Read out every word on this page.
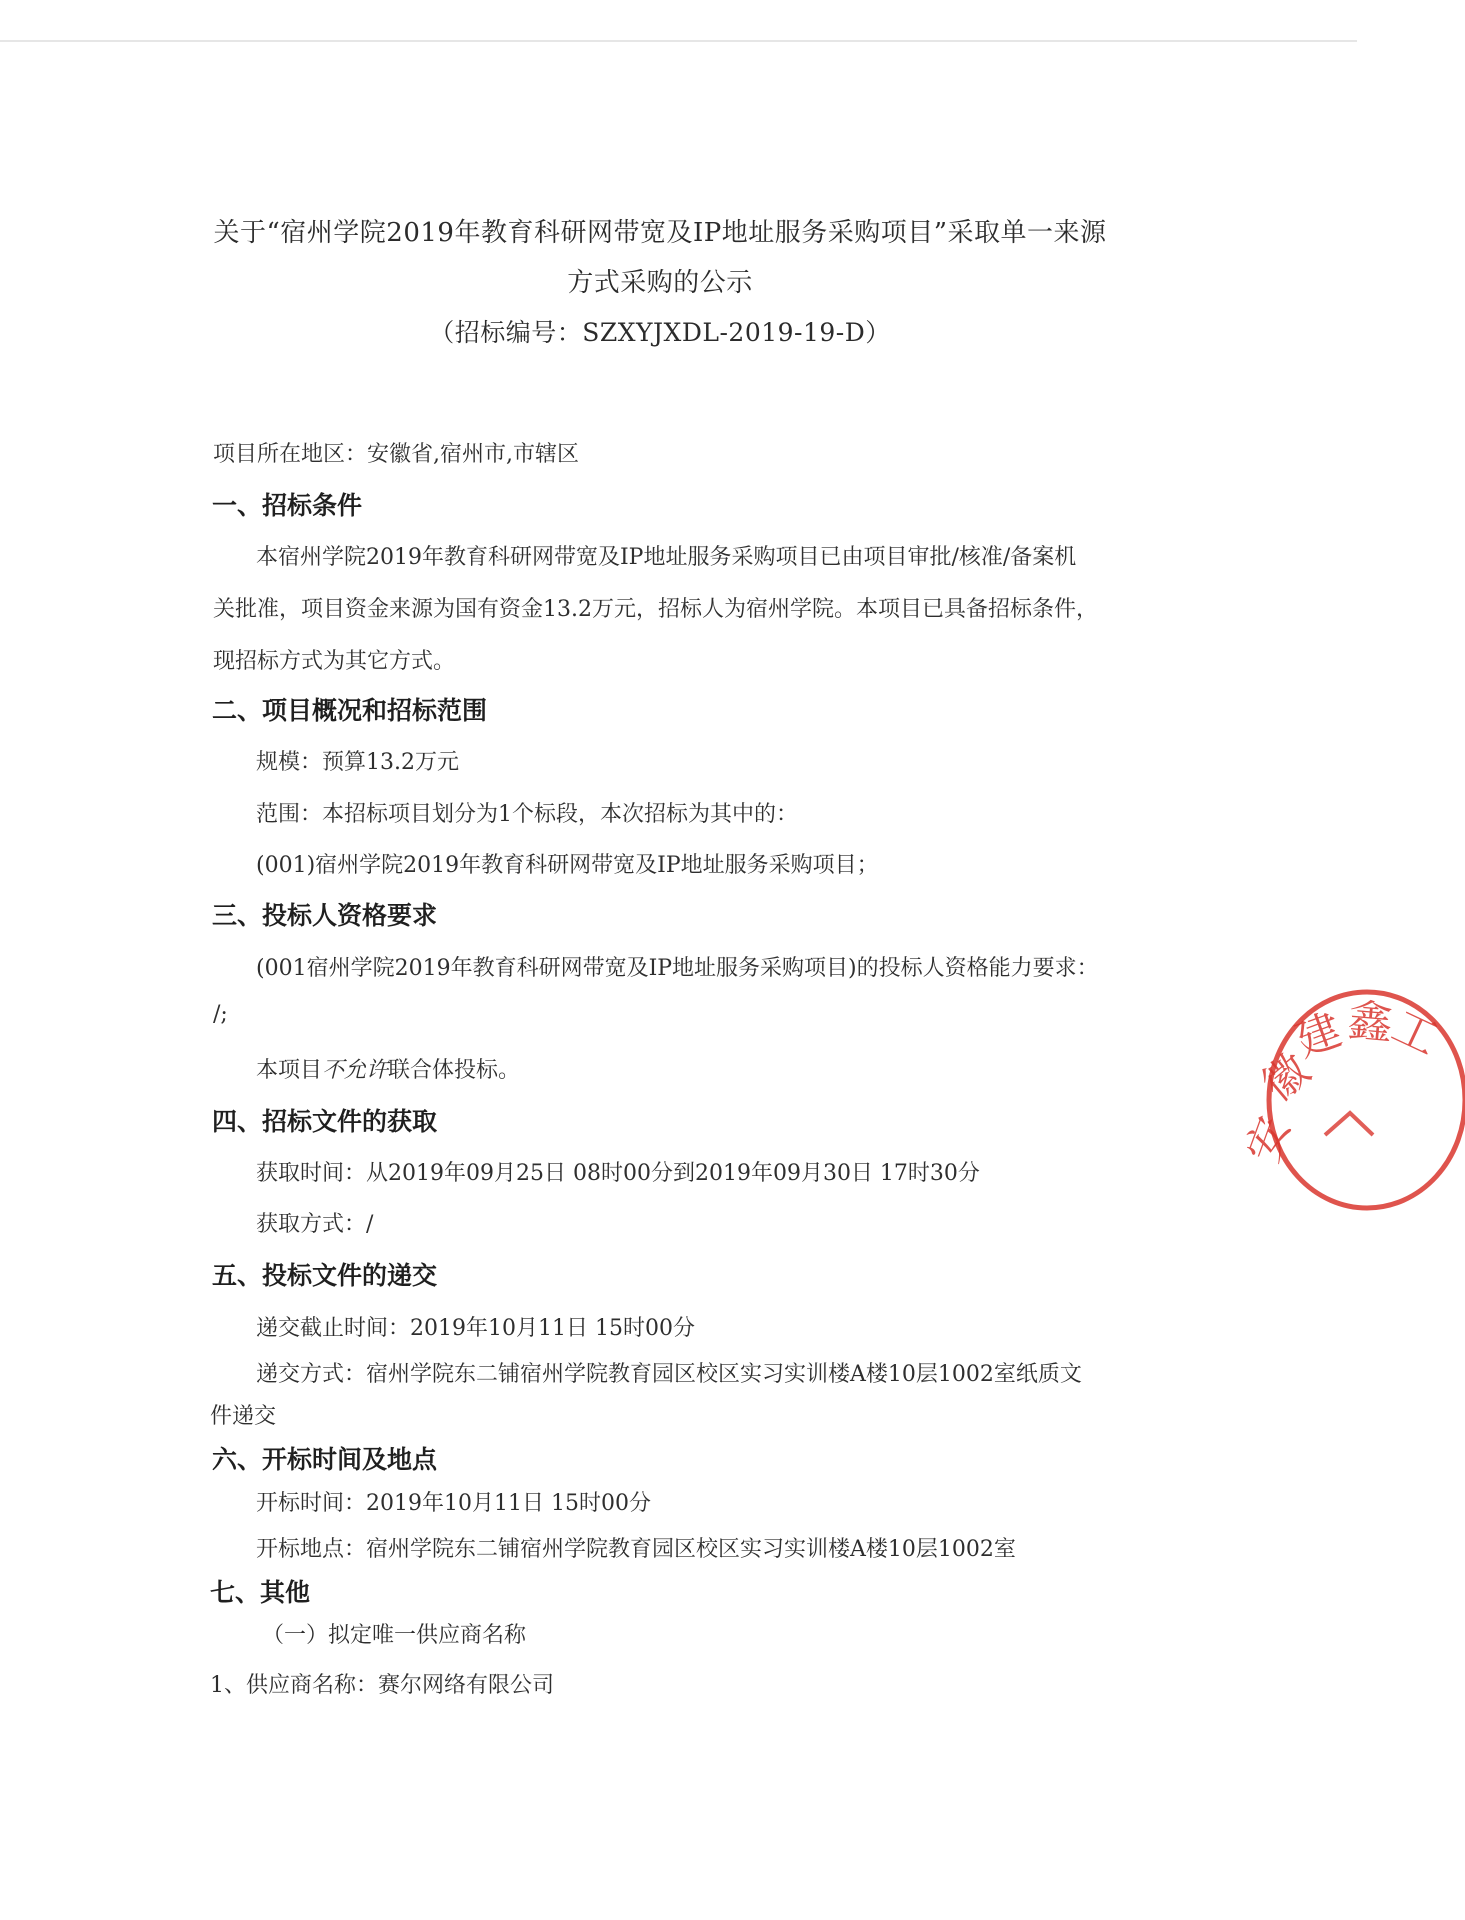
关于“宿州学院2019年教育科研网带宽及IP地址服务采购项目”采取单一来源
方式采购的公示
（招标编号：SZXYJXDL-2019-19-D）
项目所在地区：安徽省,宿州市,市辖区
一、招标条件
本宿州学院2019年教育科研网带宽及IP地址服务采购项目已由项目审批/核准/备案机
关批准，项目资金来源为国有资金13.2万元，招标人为宿州学院。本项目已具备招标条件，
现招标方式为其它方式。
二、项目概况和招标范围
规模：预算13.2万元
范围：本招标项目划分为1个标段，本次招标为其中的：
(001)宿州学院2019年教育科研网带宽及IP地址服务采购项目；
三、投标人资格要求
(001宿州学院2019年教育科研网带宽及IP地址服务采购项目)的投标人资格能力要求：
/;
本项目不允许联合体投标。
四、招标文件的获取
获取时间：从2019年09月25日 08时00分到2019年09月30日 17时30分
获取方式：/
五、投标文件的递交
递交截止时间：2019年10月11日 15时00分
递交方式：宿州学院东二铺宿州学院教育园区校区实习实训楼A楼10层1002室纸质文
件递交
六、开标时间及地点
开标时间：2019年10月11日 15时00分
开标地点：宿州学院东二铺宿州学院教育园区校区实习实训楼A楼10层1002室
七、其他
（一）拟定唯一供应商名称
1、供应商名称：赛尔网络有限公司
安
徽
建
鑫
工
